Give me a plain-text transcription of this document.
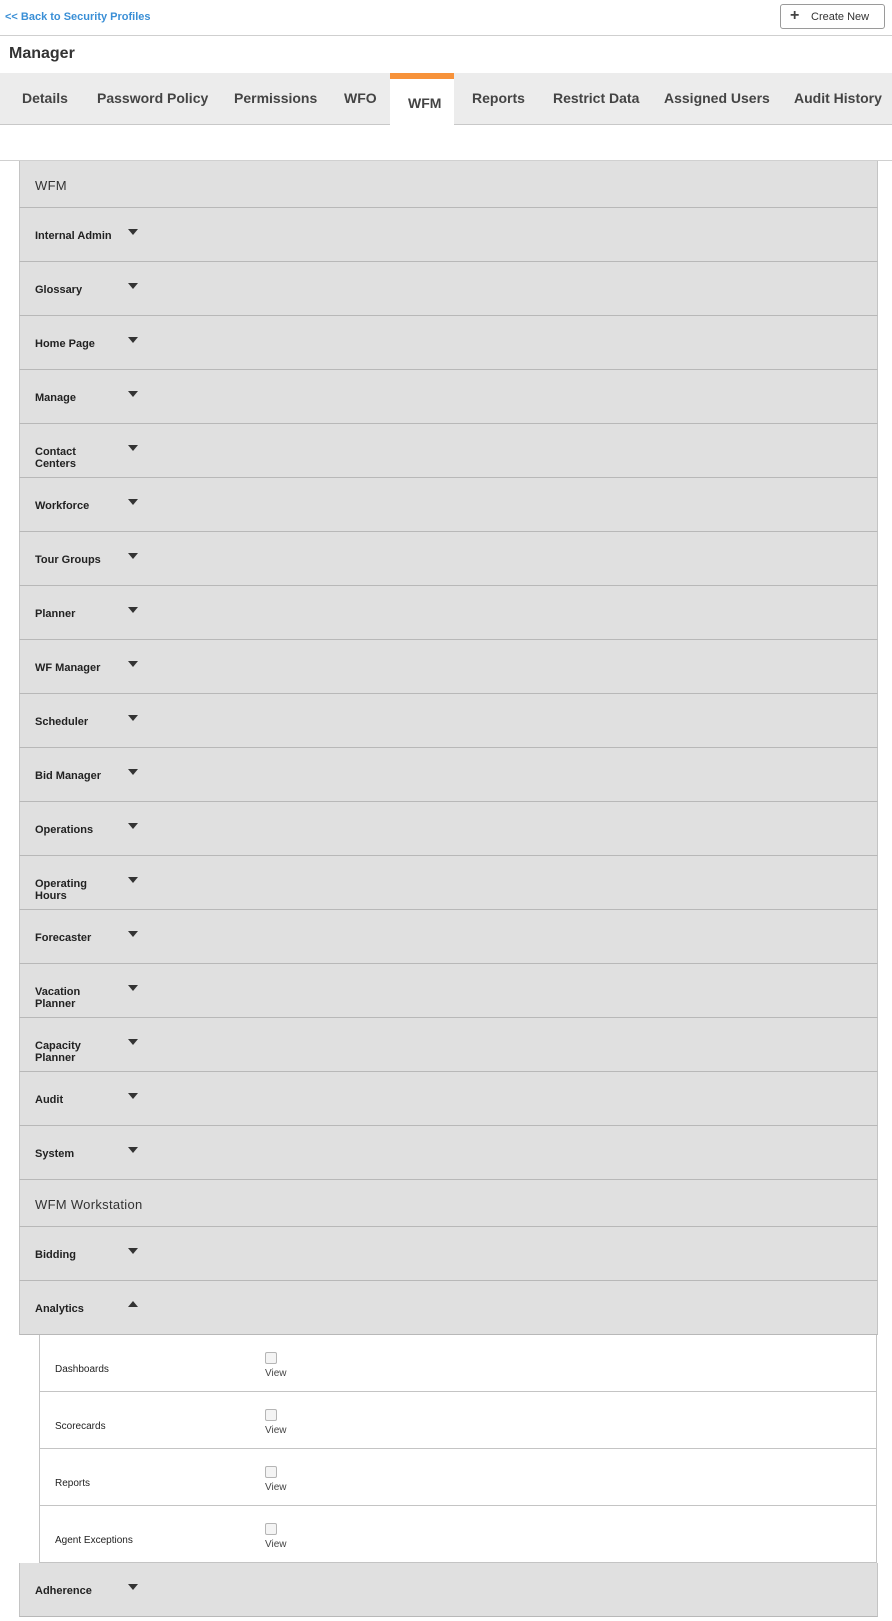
<< Back to Security Profiles	+ Create New
Manager
Details Password Policy Permissions WFO WFM Reports Restrict Data Assigned Users Audit History
WFM
Internal Admin

Glossary

Home Page

Manage

Contact
Centers
Workforce

Tour Groups

Planner

WF Manager

Scheduler

Bid Manager

Operations

Operating
Hours
Forecaster

Vacation
Planner
Capacity
Planner
Audit

System

WFM Workstation
Bidding
Analytics
Dashboards	View
Scorecards	View
Reports	View
Agent Exceptions	View
Adherence
